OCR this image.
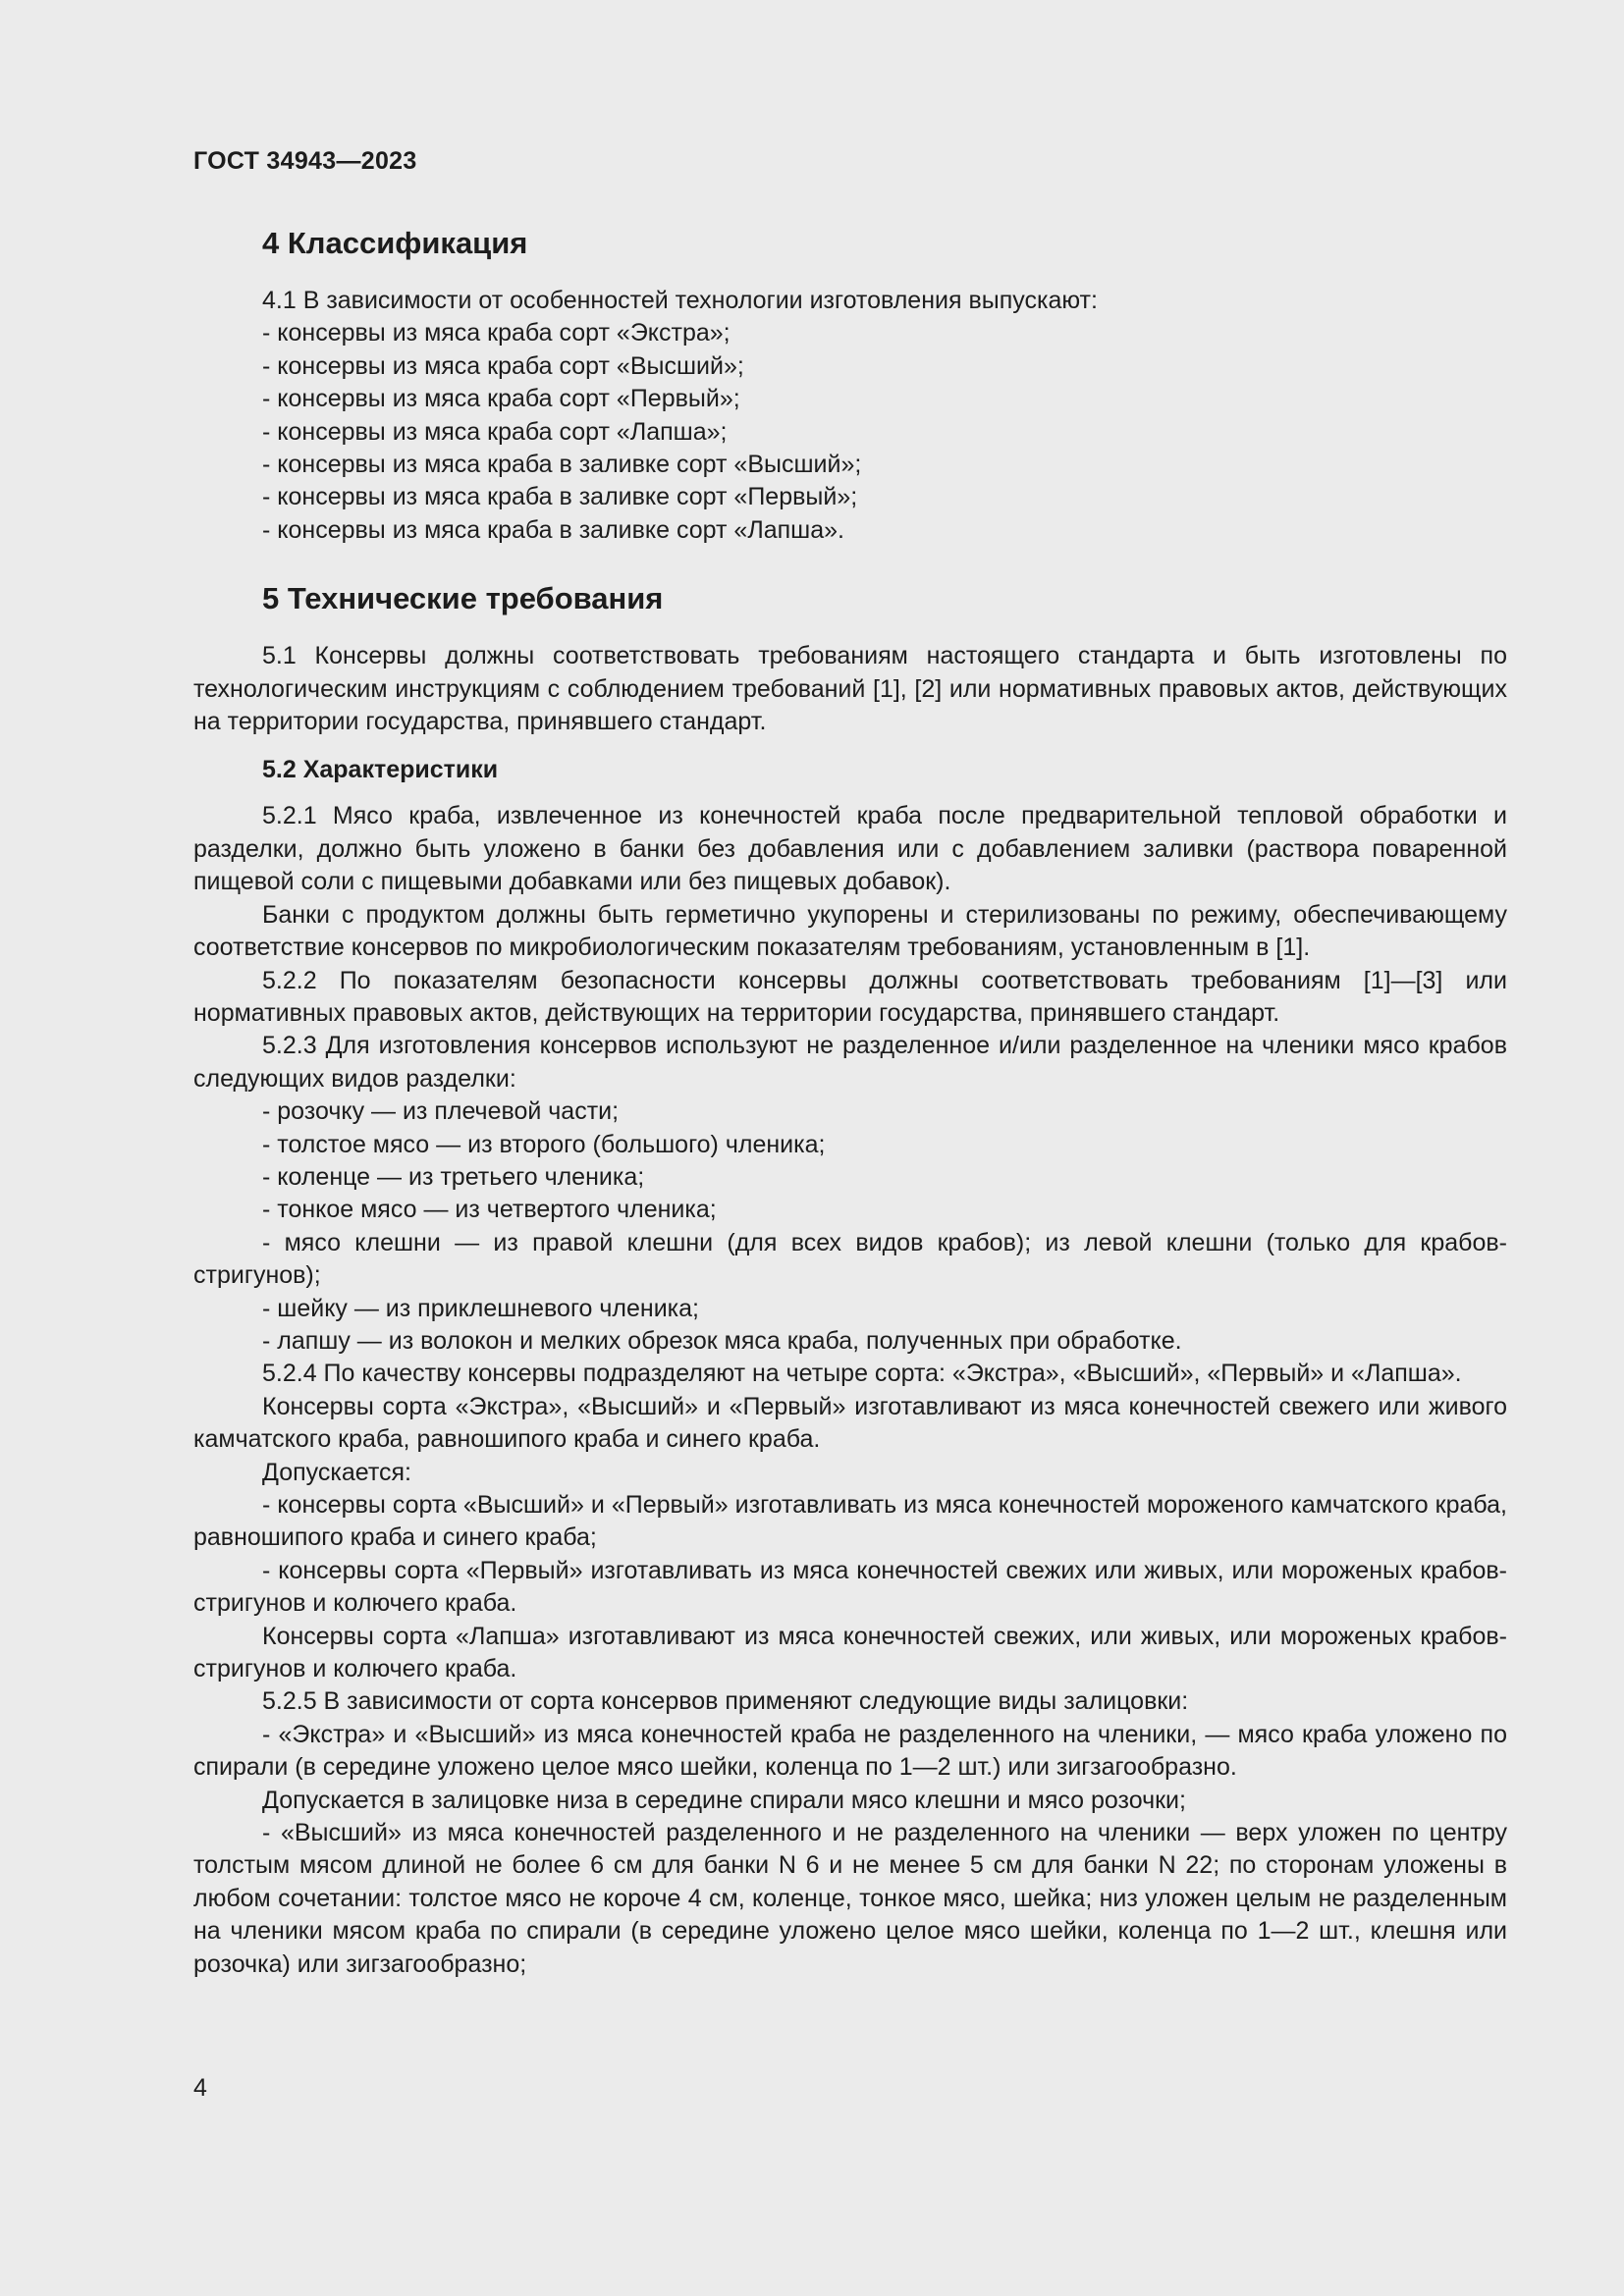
ГОСТ 34943—2023
4 Классификация

4.1 В зависимости от особенностей технологии изготовления выпускают:

- консервы из мяса краба сорт «Экстра»;

- консервы из мяса краба сорт «Высший»;

- консервы из мяса краба сорт «Первый»;

- консервы из мяса краба сорт «Лапша»;

- консервы из мяса краба в заливке сорт «Высший»;

- консервы из мяса краба в заливке сорт «Первый»;

- консервы из мяса краба в заливке сорт «Лапша».

5 Технические требования

5.1 Консервы должны соответствовать требованиям настоящего стандарта и быть изготовлены по технологическим инструкциям с соблюдением требований [1], [2] или нормативных правовых актов, действующих на территории государства, принявшего стандарт.

5.2 Характеристики

5.2.1 Мясо краба, извлеченное из конечностей краба после предварительной тепловой обработки и разделки, должно быть уложено в банки без добавления или с добавлением заливки (раствора поваренной пищевой соли с пищевыми добавками или без пищевых добавок).

Банки с продуктом должны быть герметично укупорены и стерилизованы по режиму, обеспечивающему соответствие консервов по микробиологическим показателям требованиям, установленным в [1].

5.2.2 По показателям безопасности консервы должны соответствовать требованиям [1]—[3] или нормативных правовых актов, действующих на территории государства, принявшего стандарт.

5.2.3 Для изготовления консервов используют не разделенное и/или разделенное на членики мясо крабов следующих видов разделки:

- розочку — из плечевой части;

- толстое мясо — из второго (большого) членика;

- коленце — из третьего членика;

- тонкое мясо — из четвертого членика;

- мясо клешни — из правой клешни (для всех видов крабов); из левой клешни (только для крабов-стригунов);

- шейку — из приклешневого членика;

- лапшу — из волокон и мелких обрезок мяса краба, полученных при обработке.

5.2.4 По качеству консервы подразделяют на четыре сорта: «Экстра», «Высший», «Первый» и «Лапша».

Консервы сорта «Экстра», «Высший» и «Первый» изготавливают из мяса конечностей свежего или живого камчатского краба, равношипого краба и синего краба.

Допускается:

- консервы сорта «Высший» и «Первый» изготавливать из мяса конечностей мороженого камчатского краба, равношипого краба и синего краба;

- консервы сорта «Первый» изготавливать из мяса конечностей свежих или живых, или мороженых крабов-стригунов и колючего краба.

Консервы сорта «Лапша» изготавливают из мяса конечностей свежих, или живых, или мороженых крабов-стригунов и колючего краба.

5.2.5 В зависимости от сорта консервов применяют следующие виды залицовки:

- «Экстра» и «Высший» из мяса конечностей краба не разделенного на членики, — мясо краба уложено по спирали (в середине уложено целое мясо шейки, коленца по 1—2 шт.) или зигзагообразно.

Допускается в залицовке низа в середине спирали мясо клешни и мясо розочки;

- «Высший» из мяса конечностей разделенного и не разделенного на членики — верх уложен по центру толстым мясом длиной не более 6 см для банки N 6 и не менее 5 см для банки N 22; по сторонам уложены в любом сочетании: толстое мясо не короче 4 см, коленце, тонкое мясо, шейка; низ уложен целым не разделенным на членики мясом краба по спирали (в середине уложено целое мясо шейки, коленца по 1—2 шт., клешня или розочка) или зигзагообразно;

4
